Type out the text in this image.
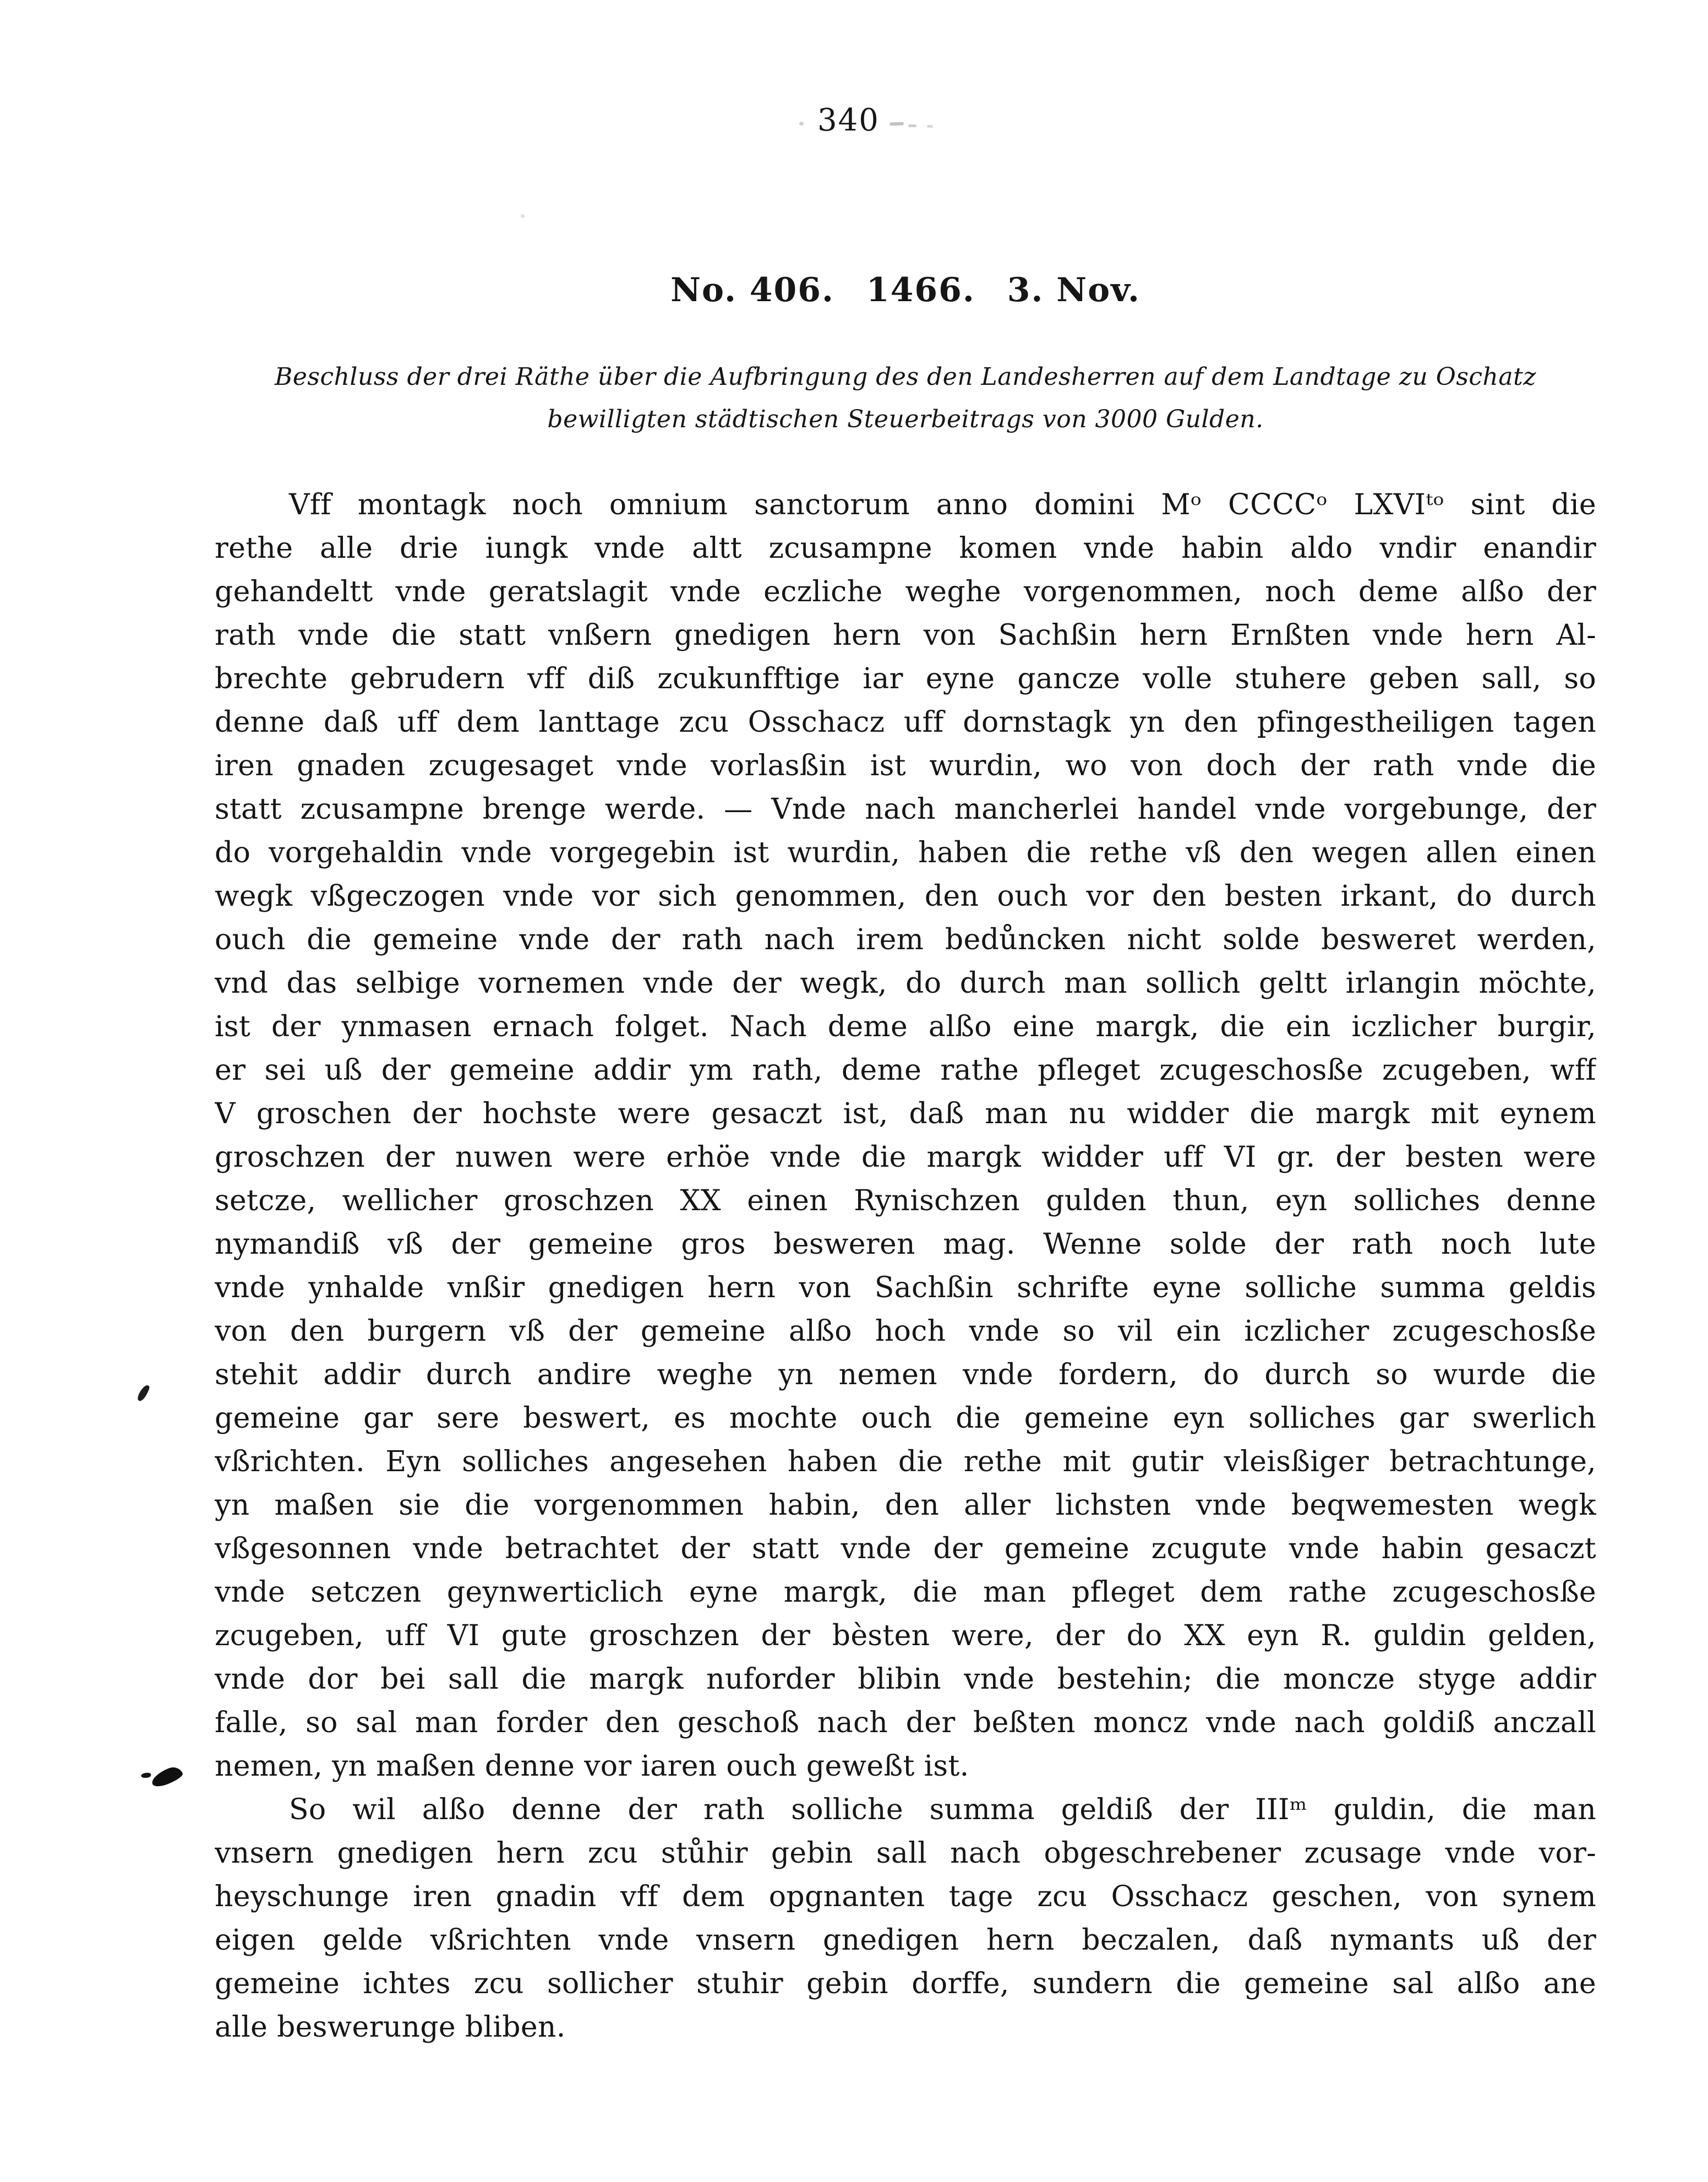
340
No. 406. 1466. 3. Nov.
Beschluss der drei Räthe über die Aufbringung des den Landesherren auf dem Landtage zu Oschatz
bewilligten städtischen Steuerbeitrags von 3000 Gulden.
Vff montagk noch omnium sanctorum anno domini Mᵒ CCCCᵒ LXVIᵗᵒ sint die
rethe alle drie iungk vnde altt zcusampne komen vnde habin aldo vndir enandir
gehandeltt vnde geratslagit vnde eczliche weghe vorgenommen, noch deme alßo der
rath vnde die statt vnßern gnedigen hern von Sachßin hern Ernßten vnde hern Al-
brechte gebrudern vff diß zcukunfftige iar eyne gancze volle stuhere geben sall, so
denne daß uff dem lanttage zcu Osschacz uff dornstagk yn den pfingestheiligen tagen
iren gnaden zcugesaget vnde vorlasßin ist wurdin, wo von doch der rath vnde die
statt zcusampne brenge werde. — Vnde nach mancherlei handel vnde vorgebunge, der
do vorgehaldin vnde vorgegebin ist wurdin, haben die rethe vß den wegen allen einen
wegk vßgeczogen vnde vor sich genommen, den ouch vor den besten irkant, do durch
ouch die gemeine vnde der rath nach irem bedůncken nicht solde besweret werden,
vnd das selbige vornemen vnde der wegk, do durch man sollich geltt irlangin möchte,
ist der ynmasen ernach folget. Nach deme alßo eine margk, die ein iczlicher burgir,
er sei uß der gemeine addir ym rath, deme rathe pfleget zcugeschosße zcugeben, wff
V groschen der hochste were gesaczt ist, daß man nu widder die margk mit eynem
groschzen der nuwen were erhöe vnde die margk widder uff VI gr. der besten were
setcze, wellicher groschzen XX einen Rynischzen gulden thun, eyn solliches denne
nymandiß vß der gemeine gros besweren mag. Wenne solde der rath noch lute
vnde ynhalde vnßir gnedigen hern von Sachßin schrifte eyne solliche summa geldis
von den burgern vß der gemeine alßo hoch vnde so vil ein iczlicher zcugeschosße
stehit addir durch andire weghe yn nemen vnde fordern, do durch so wurde die
gemeine gar sere beswert, es mochte ouch die gemeine eyn solliches gar swerlich
vßrichten. Eyn solliches angesehen haben die rethe mit gutir vleisßiger betrachtunge,
yn maßen sie die vorgenommen habin, den aller lichsten vnde beqwemesten wegk
vßgesonnen vnde betrachtet der statt vnde der gemeine zcugute vnde habin gesaczt
vnde setczen geynwerticlich eyne margk, die man pfleget dem rathe zcugeschosße
zcugeben, uff VI gute groschzen der bèsten were, der do XX eyn R. guldin gelden,
vnde dor bei sall die margk nuforder blibin vnde bestehin; die moncze styge addir
falle, so sal man forder den geschoß nach der beßten moncz vnde nach goldiß anczall
nemen, yn maßen denne vor iaren ouch geweßt ist.
So wil alßo denne der rath solliche summa geldiß der IIIᵐ guldin, die man
vnsern gnedigen hern zcu stůhir gebin sall nach obgeschrebener zcusage vnde vor-
heyschunge iren gnadin vff dem opgnanten tage zcu Osschacz geschen, von synem
eigen gelde vßrichten vnde vnsern gnedigen hern beczalen, daß nymants uß der
gemeine ichtes zcu sollicher stuhir gebin dorffe, sundern die gemeine sal alßo ane
alle beswerunge bliben.
